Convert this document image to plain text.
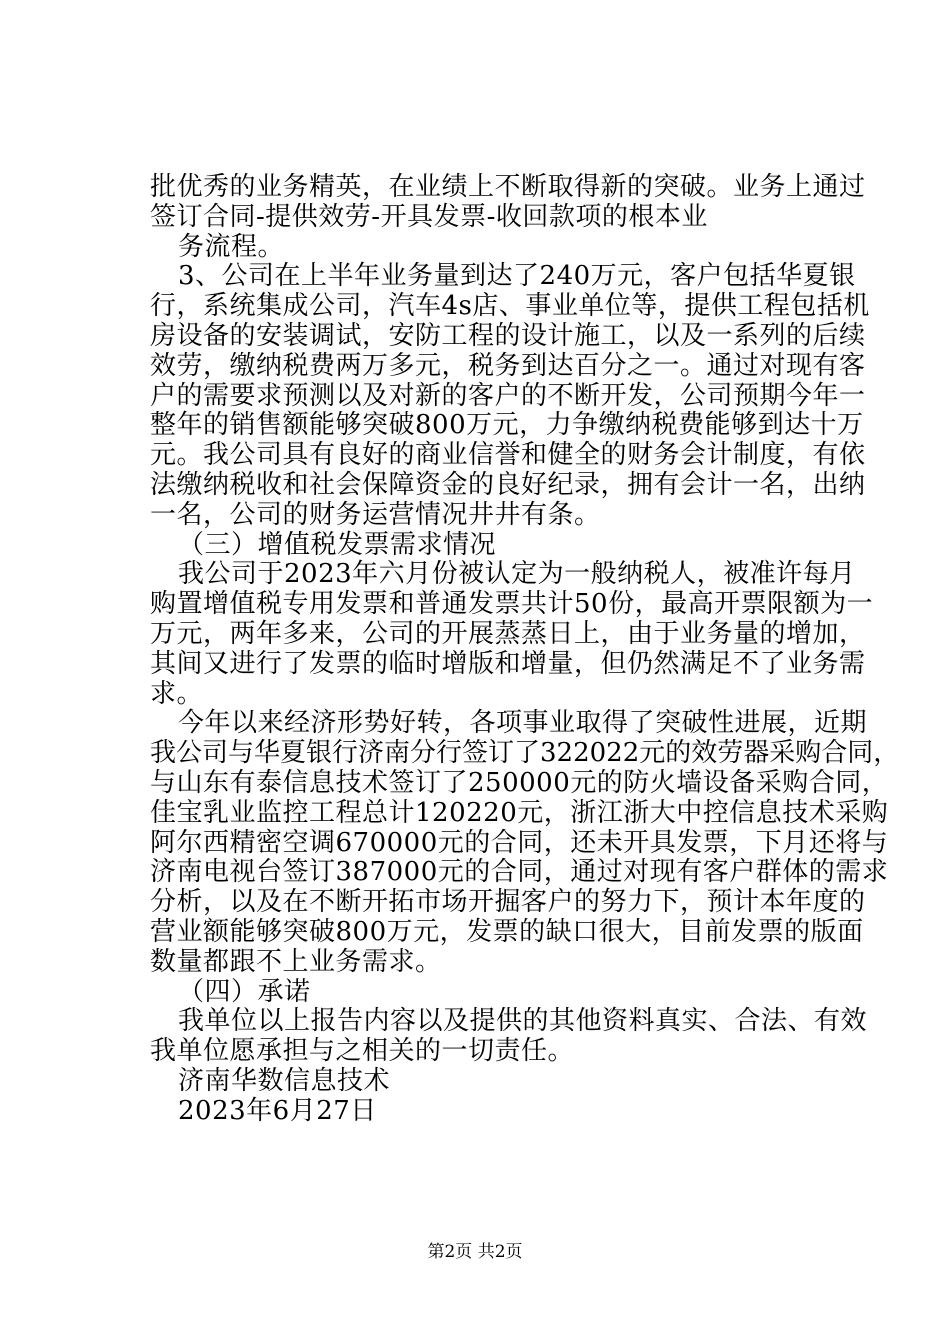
批优秀的业务精英，在业绩上不断取得新的突破。业务上通过
签订合同-提供效劳-开具发票-收回款项的根本业
务流程。
3、公司在上半年业务量到达了240万元，客户包括华夏银
行，系统集成公司，汽车4s店、事业单位等，提供工程包括机
房设备的安装调试，安防工程的设计施工，以及一系列的后续
效劳，缴纳税费两万多元，税务到达百分之一。通过对现有客
户的需要求预测以及对新的客户的不断开发，公司预期今年一
整年的销售额能够突破800万元，力争缴纳税费能够到达十万
元。我公司具有良好的商业信誉和健全的财务会计制度，有依
法缴纳税收和社会保障资金的良好纪录，拥有会计一名，出纳
一名，公司的财务运营情况井井有条。
（三）增值税发票需求情况
我公司于2023年六月份被认定为一般纳税人，被准许每月
购置增值税专用发票和普通发票共计50份，最高开票限额为一
万元，两年多来，公司的开展蒸蒸日上，由于业务量的增加，
其间又进行了发票的临时增版和增量，但仍然满足不了业务需
求。
今年以来经济形势好转，各项事业取得了突破性进展，近期
我公司与华夏银行济南分行签订了322022元的效劳器采购合同，
与山东有泰信息技术签订了250000元的防火墙设备采购合同，
佳宝乳业监控工程总计120220元，浙江浙大中控信息技术采购
阿尔西精密空调670000元的合同，还未开具发票，下月还将与
济南电视台签订387000元的合同，通过对现有客户群体的需求
分析，以及在不断开拓市场开掘客户的努力下，预计本年度的
营业额能够突破800万元，发票的缺口很大，目前发票的版面
数量都跟不上业务需求。
（四）承诺
我单位以上报告内容以及提供的其他资料真实、合法、有效
我单位愿承担与之相关的一切责任。
济南华数信息技术
2023年6月27日
第2页 共2页
